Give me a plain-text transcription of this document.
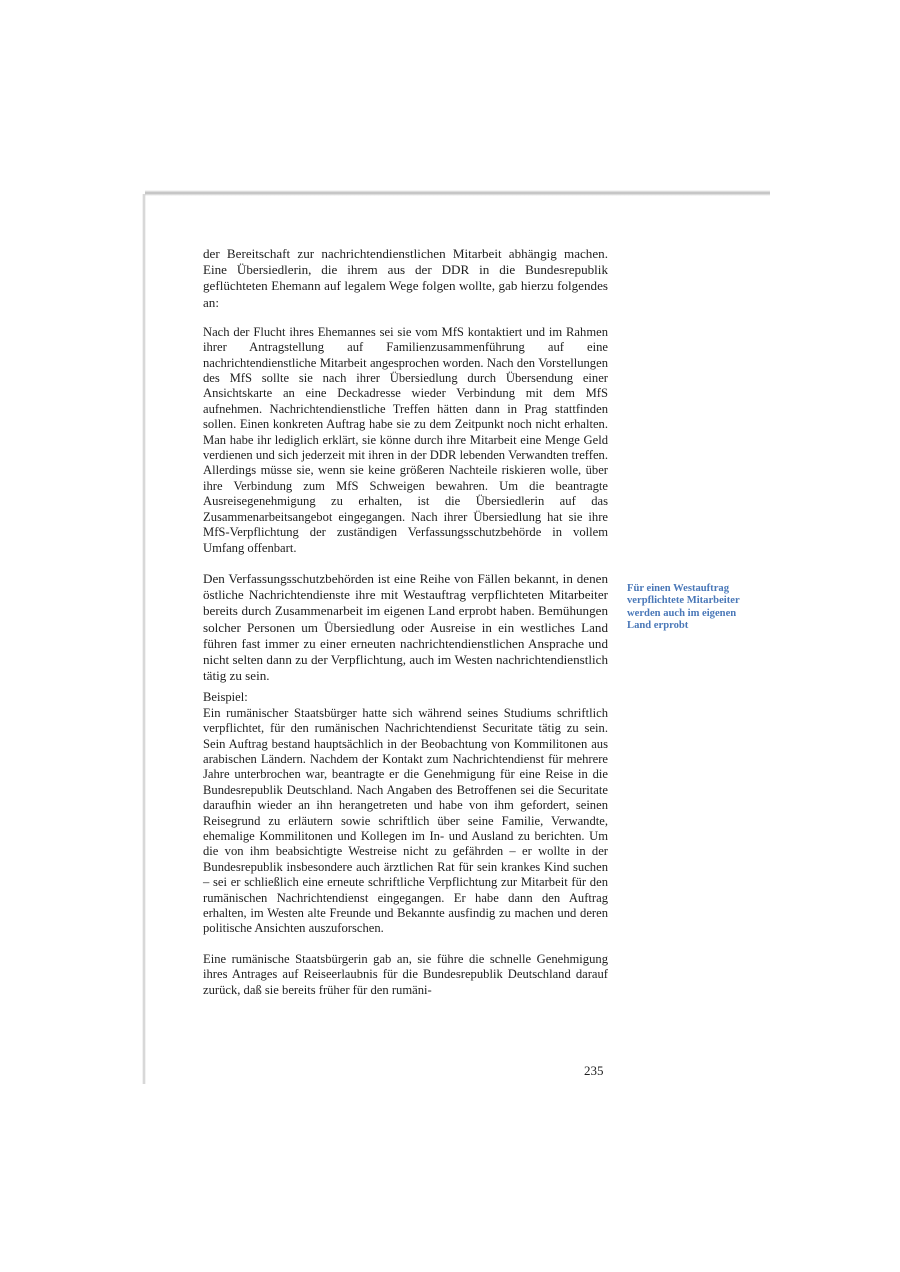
der Bereitschaft zur nachrichtendienstlichen Mitarbeit abhängig machen. Eine Übersiedlerin, die ihrem aus der DDR in die Bundesrepublik geflüchteten Ehemann auf legalem Wege folgen wollte, gab hierzu folgendes an:

Nach der Flucht ihres Ehemannes sei sie vom MfS kontaktiert und im Rahmen ihrer Antragstellung auf Familienzusammenführung auf eine nachrichtendienstliche Mitarbeit angesprochen worden. Nach den Vorstellungen des MfS sollte sie nach ihrer Übersiedlung durch Übersendung einer Ansichtskarte an eine Deckadresse wieder Verbindung mit dem MfS aufnehmen. Nachrichtendienstliche Treffen hätten dann in Prag stattfinden sollen. Einen konkreten Auftrag habe sie zu dem Zeitpunkt noch nicht erhalten. Man habe ihr lediglich erklärt, sie könne durch ihre Mitarbeit eine Menge Geld verdienen und sich jederzeit mit ihren in der DDR lebenden Verwandten treffen. Allerdings müsse sie, wenn sie keine größeren Nachteile riskieren wolle, über ihre Verbindung zum MfS Schweigen bewahren. Um die beantragte Ausreisegenehmigung zu erhalten, ist die Übersiedlerin auf das Zusammenarbeitsangebot eingegangen. Nach ihrer Übersiedlung hat sie ihre MfS-Verpflichtung der zuständigen Verfassungsschutzbehörde in vollem Umfang offenbart.

Den Verfassungsschutzbehörden ist eine Reihe von Fällen bekannt, in denen östliche Nachrichtendienste ihre mit Westauftrag verpflichteten Mitarbeiter bereits durch Zusammenarbeit im eigenen Land erprobt haben. Bemühungen solcher Personen um Übersiedlung oder Ausreise in ein westliches Land führen fast immer zu einer erneuten nachrichtendienstlichen Ansprache und nicht selten dann zu der Verpflichtung, auch im Westen nachrichtendienstlich tätig zu sein.

Beispiel:

Ein rumänischer Staatsbürger hatte sich während seines Studiums schriftlich verpflichtet, für den rumänischen Nachrichtendienst Securitate tätig zu sein. Sein Auftrag bestand hauptsächlich in der Beobachtung von Kommilitonen aus arabischen Ländern. Nachdem der Kontakt zum Nachrichtendienst für mehrere Jahre unterbrochen war, beantragte er die Genehmigung für eine Reise in die Bundesrepublik Deutschland. Nach Angaben des Betroffenen sei die Securitate daraufhin wieder an ihn herangetreten und habe von ihm gefordert, seinen Reisegrund zu erläutern sowie schriftlich über seine Familie, Verwandte, ehemalige Kommilitonen und Kollegen im In- und Ausland zu berichten. Um die von ihm beabsichtigte Westreise nicht zu gefährden – er wollte in der Bundesrepublik insbesondere auch ärztlichen Rat für sein krankes Kind suchen – sei er schließlich eine erneute schriftliche Verpflichtung zur Mitarbeit für den rumänischen Nachrichtendienst eingegangen. Er habe dann den Auftrag erhalten, im Westen alte Freunde und Bekannte ausfindig zu machen und deren politische Ansichten auszuforschen.

Eine rumänische Staatsbürgerin gab an, sie führe die schnelle Genehmigung ihres Antrages auf Reiseerlaubnis für die Bundesrepublik Deutschland darauf zurück, daß sie bereits früher für den rumäni-

Für einen Westauftrag verpflichtete Mitarbeiter werden auch im eigenen Land erprobt
235
